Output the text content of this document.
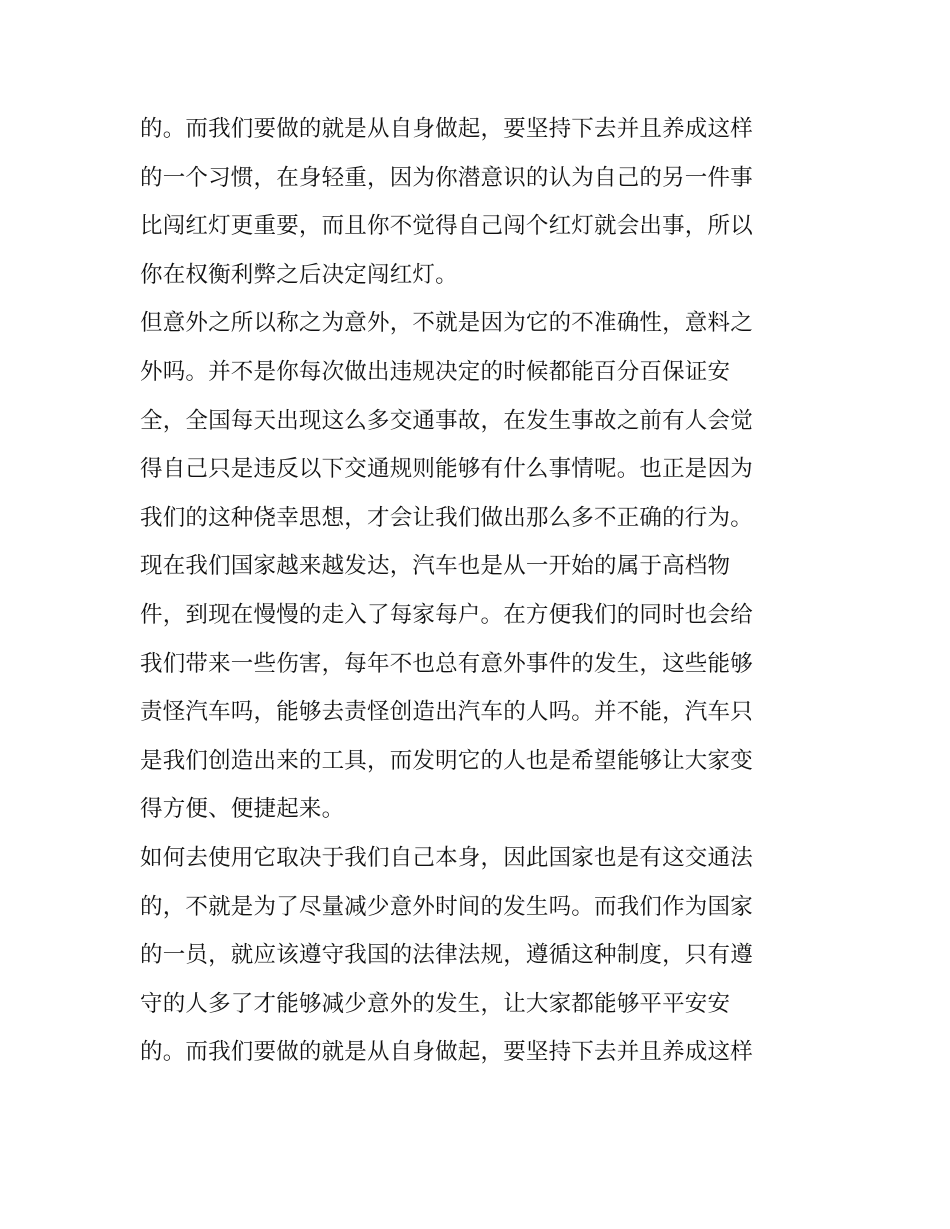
的。而我们要做的就是从自身做起，要坚持下去并且养成这样
的一个习惯，在身轻重，因为你潜意识的认为自己的另一件事
比闯红灯更重要，而且你不觉得自己闯个红灯就会出事，所以
你在权衡利弊之后决定闯红灯。
但意外之所以称之为意外，不就是因为它的不准确性，意料之
外吗。并不是你每次做出违规决定的时候都能百分百保证安
全，全国每天出现这么多交通事故，在发生事故之前有人会觉
得自己只是违反以下交通规则能够有什么事情呢。也正是因为
我们的这种侥幸思想，才会让我们做出那么多不正确的行为。
现在我们国家越来越发达，汽车也是从一开始的属于高档物
件，到现在慢慢的走入了每家每户。在方便我们的同时也会给
我们带来一些伤害，每年不也总有意外事件的发生，这些能够
责怪汽车吗，能够去责怪创造出汽车的人吗。并不能，汽车只
是我们创造出来的工具，而发明它的人也是希望能够让大家变
得方便、便捷起来。
如何去使用它取决于我们自己本身，因此国家也是有这交通法
的，不就是为了尽量减少意外时间的发生吗。而我们作为国家
的一员，就应该遵守我国的法律法规，遵循这种制度，只有遵
守的人多了才能够减少意外的发生，让大家都能够平平安安
的。而我们要做的就是从自身做起，要坚持下去并且养成这样
